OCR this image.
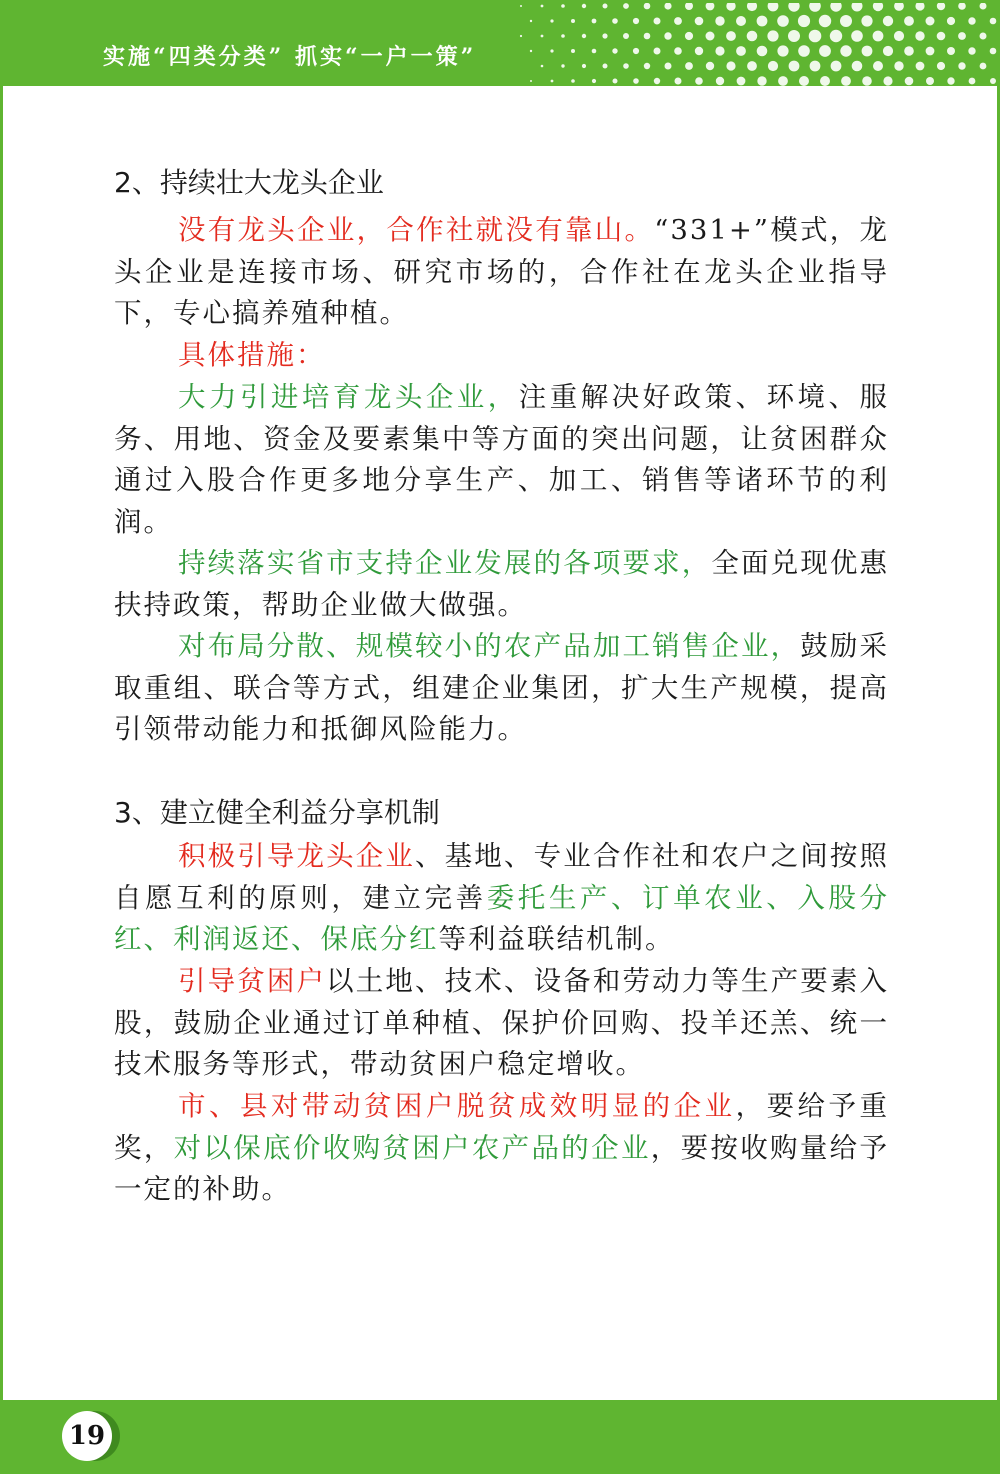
实施“四类分类” 抓实“一户一策”
2、持续壮大龙头企业
没有龙头企业，合作社就没有靠山。“331+”模式，龙头企业是连接市场、研究市场的，合作社在龙头企业指导下，专心搞养殖种植。
具体措施：
大力引进培育龙头企业，注重解决好政策、环境、服务、用地、资金及要素集中等方面的突出问题，让贫困群众通过入股合作更多地分享生产、加工、销售等诸环节的利润。
持续落实省市支持企业发展的各项要求，全面兑现优惠扶持政策，帮助企业做大做强。
对布局分散、规模较小的农产品加工销售企业，鼓励采取重组、联合等方式，组建企业集团，扩大生产规模，提高引领带动能力和抵御风险能力。
3、建立健全利益分享机制
积极引导龙头企业、基地、专业合作社和农户之间按照自愿互利的原则，建立完善委托生产、订单农业、入股分红、利润返还、保底分红等利益联结机制。
引导贫困户以土地、技术、设备和劳动力等生产要素入股，鼓励企业通过订单种植、保护价回购、投羊还羔、统一技术服务等形式，带动贫困户稳定增收。
市、县对带动贫困户脱贫成效明显的企业，要给予重奖，对以保底价收购贫困户农产品的企业，要按收购量给予一定的补助。
19
